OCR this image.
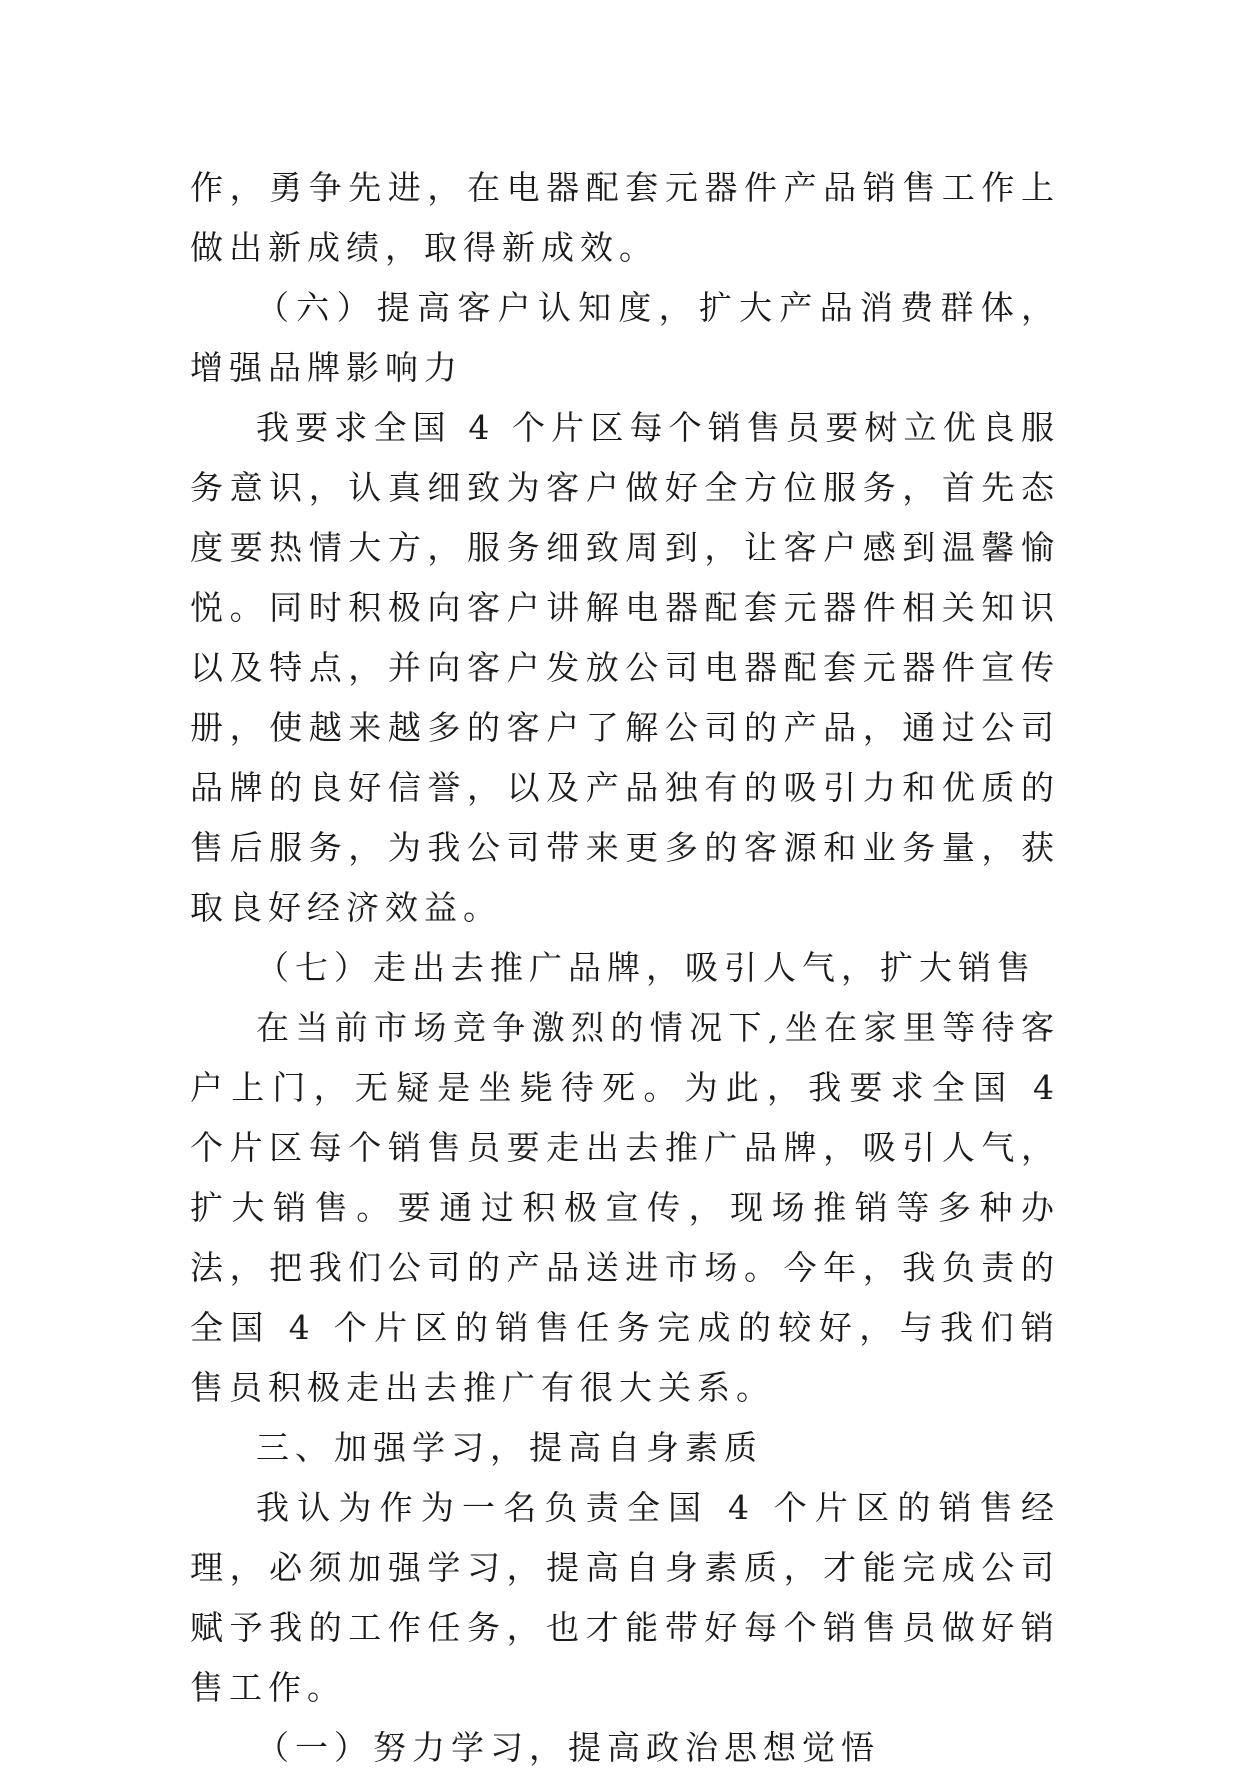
作，勇争先进，在电器配套元器件产品销售工作上做出新成绩，取得新成效。

（六）提高客户认知度，扩大产品消费群体，增强品牌影响力

我要求全国 4 个片区每个销售员要树立优良服务意识，认真细致为客户做好全方位服务，首先态度要热情大方，服务细致周到，让客户感到温馨愉悦。同时积极向客户讲解电器配套元器件相关知识以及特点，并向客户发放公司电器配套元器件宣传册，使越来越多的客户了解公司的产品，通过公司品牌的良好信誉，以及产品独有的吸引力和优质的售后服务，为我公司带来更多的客源和业务量，获取良好经济效益。

（七）走出去推广品牌，吸引人气，扩大销售

在当前市场竞争激烈的情况下,坐在家里等待客户上门，无疑是坐毙待死。为此，我要求全国 4 个片区每个销售员要走出去推广品牌，吸引人气，扩大销售。要通过积极宣传，现场推销等多种办法，把我们公司的产品送进市场。今年，我负责的全国 4 个片区的销售任务完成的较好，与我们销售员积极走出去推广有很大关系。

三、加强学习，提高自身素质

我认为作为一名负责全国 4 个片区的销售经理，必须加强学习，提高自身素质，才能完成公司赋予我的工作任务，也才能带好每个销售员做好销售工作。

（一）努力学习，提高政治思想觉悟
